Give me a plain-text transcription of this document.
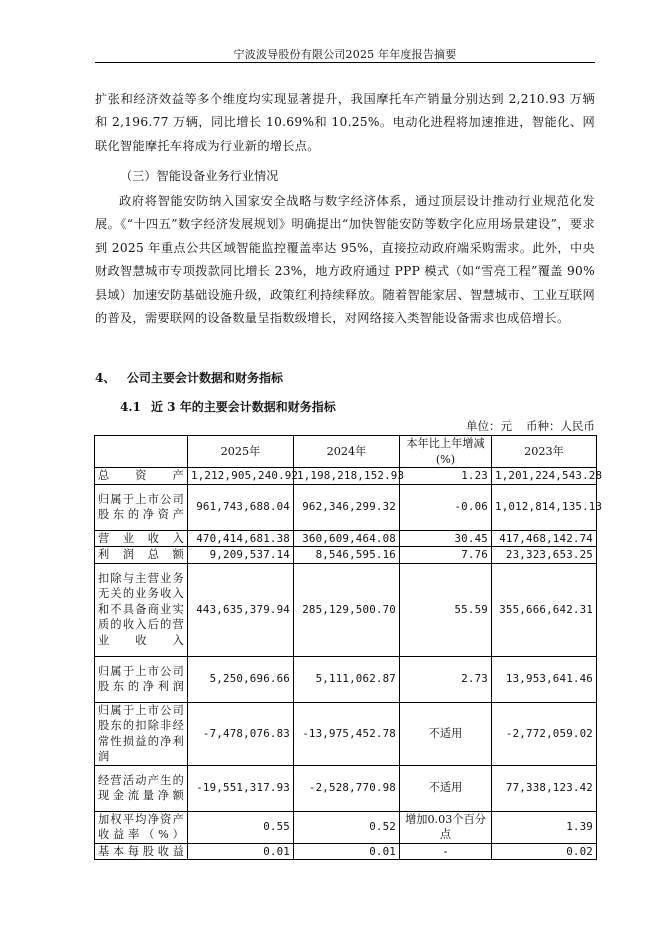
宁波波导股份有限公司2025 年年度报告摘要

扩张和经济效益等多个维度均实现显著提升，我国摩托车产销量分别达到 2,210.93 万辆和 2,196.77 万辆，同比增长 10.69%和 10.25%。电动化进程将加速推进，智能化、网联化智能摩托车将成为行业新的增长点。

（三）智能设备业务行业情况

政府将智能安防纳入国家安全战略与数字经济体系，通过顶层设计推动行业规范化发展。《“十四五”数字经济发展规划》明确提出“加快智能安防等数字化应用场景建设”，要求到 2025 年重点公共区域智能监控覆盖率达 95%，直接拉动政府端采购需求。此外，中央财政智慧城市专项拨款同比增长 23%，地方政府通过 PPP 模式（如“雪亮工程”覆盖 90%县域）加速安防基础设施升级，政策红利持续释放。随着智能家居、智慧城市、工业互联网的普及，需要联网的设备数量呈指数级增长，对网络接入类智能设备需求也成倍增长。

4、 公司主要会计数据和财务指标

4.1 近 3 年的主要会计数据和财务指标

单位：元 币种：人民币

	2025年	2024年	本年比上年增减(%)	2023年
总资产	1,212,905,240.92	1,198,218,152.93	1.23	1,201,224,543.28
归属于上市公司股东的净资产	961,743,688.04	962,346,299.32	-0.06	1,012,814,135.13
营业收入	470,414,681.38	360,609,464.08	30.45	417,468,142.74
利润总额	9,209,537.14	8,546,595.16	7.76	23,323,653.25
扣除与主营业务无关的业务收入和不具备商业实质的收入后的营业收入	443,635,379.94	285,129,500.70	55.59	355,666,642.31
归属于上市公司股东的净利润	5,250,696.66	5,111,062.87	2.73	13,953,641.46
归属于上市公司股东的扣除非经常性损益的净利润	-7,478,076.83	-13,975,452.78	不适用	-2,772,059.02
经营活动产生的现金流量净额	-19,551,317.93	-2,528,770.98	不适用	77,338,123.42
加权平均净资产收益率（%）	0.55	0.52	增加0.03个百分点	1.39
基本每股收益	0.01	0.01	-	0.02
